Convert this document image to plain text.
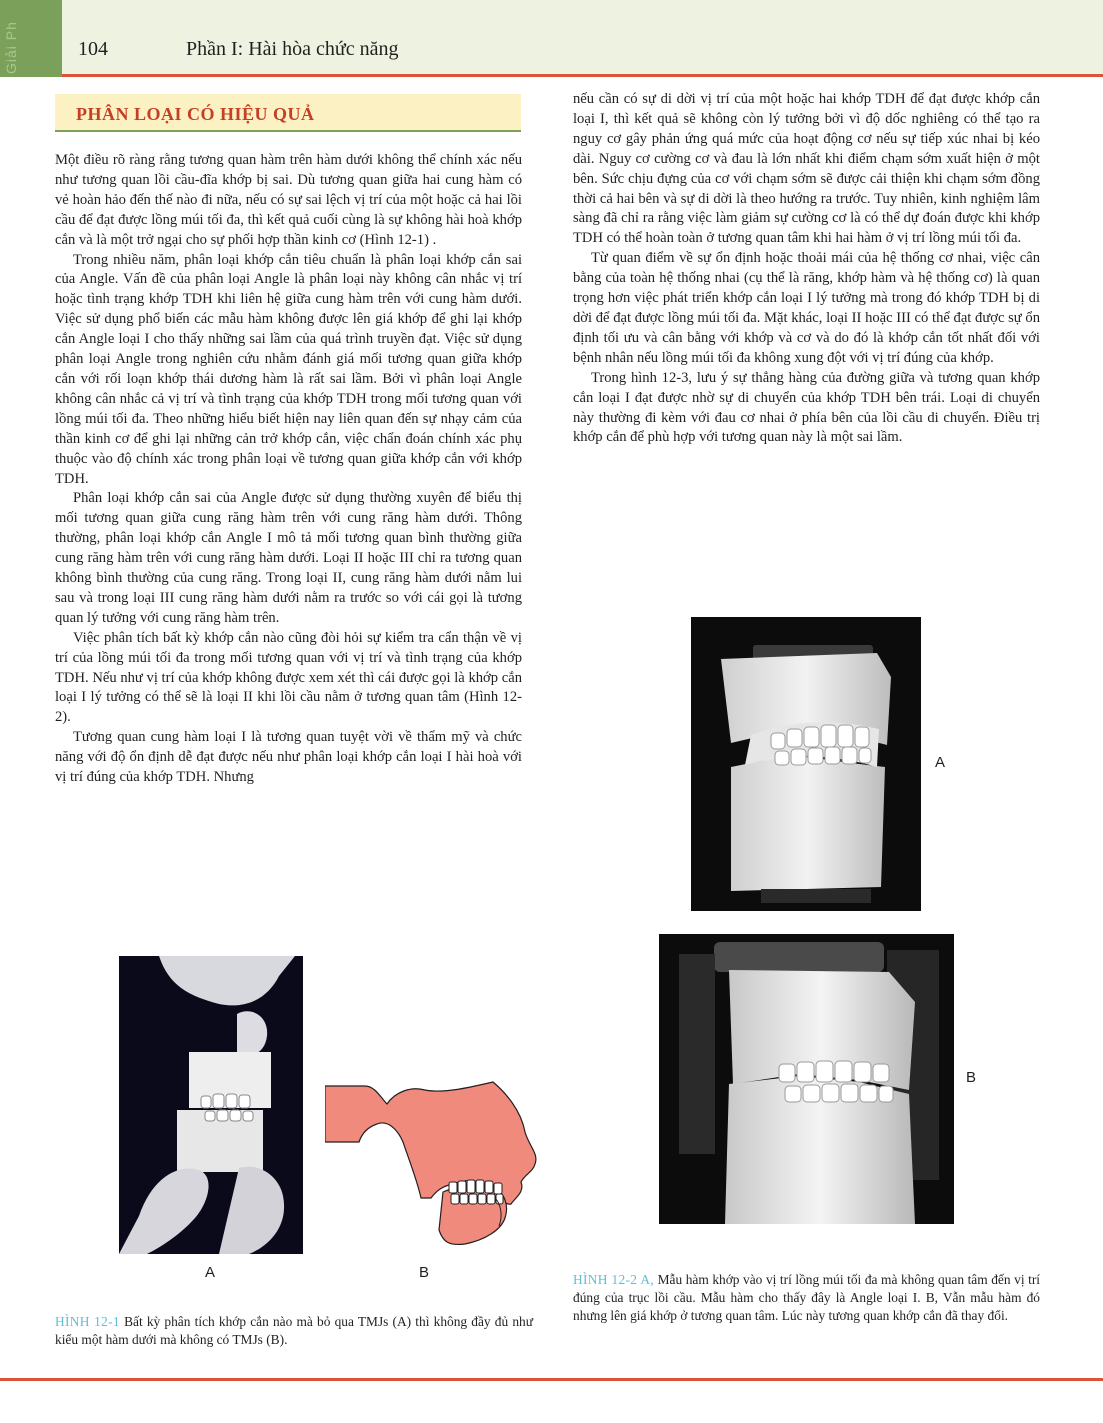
Giải Ph	104	Phần I: Hài hòa chức năng
PHÂN LOẠI CÓ HIỆU QUẢ

Một điều rõ ràng rằng tương quan hàm trên hàm dưới không thể chính xác nếu như tương quan lồi cầu-đĩa khớp bị sai. Dù tương quan giữa hai cung hàm có vẻ hoàn hảo đến thế nào đi nữa, nếu có sự sai lệch vị trí của một hoặc cả hai lồi cầu để đạt được lồng múi tối đa, thì kết quả cuối cùng là sự không hài hoà khớp cắn và là một trở ngại cho sự phối hợp thần kinh cơ (Hình 12-1) .

Trong nhiều năm, phân loại khớp cắn tiêu chuẩn là phân loại khớp cắn sai của Angle. Vấn đề của phân loại Angle là phân loại này không cân nhắc vị trí hoặc tình trạng khớp TDH khi liên hệ giữa cung hàm trên với cung hàm dưới. Việc sử dụng phổ biến các mẫu hàm không được lên giá khớp để ghi lại khớp cắn Angle loại I cho thấy những sai lầm của quá trình truyền đạt. Việc sử dụng phân loại Angle trong nghiên cứu nhằm đánh giá mối tương quan giữa khớp cắn với rối loạn khớp thái dương hàm là rất sai lầm. Bởi vì phân loại Angle không cân nhắc cả vị trí và tình trạng của khớp TDH trong mối tương quan với lồng múi tối đa. Theo những hiểu biết hiện nay liên quan đến sự nhạy cảm của thần kinh cơ để ghi lại những cản trở khớp cắn, việc chẩn đoán chính xác phụ thuộc vào độ chính xác trong phân loại về tương quan giữa khớp cắn với khớp TDH.

Phân loại khớp cắn sai của Angle được sử dụng thường xuyên để biểu thị mối tương quan giữa cung răng hàm trên với cung răng hàm dưới. Thông thường, phân loại khớp cắn Angle I mô tả mối tương quan bình thường giữa cung răng hàm trên với cung răng hàm dưới. Loại II hoặc III chỉ ra tương quan không bình thường của cung răng. Trong loại II, cung răng hàm dưới nằm lui sau và trong loại III cung răng hàm dưới nằm ra trước so với cái gọi là tương quan lý tưởng với cung răng hàm trên.

Việc phân tích bất kỳ khớp cắn nào cũng đòi hỏi sự kiểm tra cẩn thận về vị trí của lồng múi tối đa trong mối tương quan với vị trí và tình trạng của khớp TDH. Nếu như vị trí của khớp không được xem xét thì cái được gọi là khớp cắn loại I lý tưởng có thể sẽ là loại II khi lồi cầu nằm ở tương quan tâm (Hình 12-2).

Tương quan cung hàm loại I là tương quan tuyệt vời về thẩm mỹ và chức năng với độ ổn định dễ đạt được nếu như phân loại khớp cắn loại I hài hoà với vị trí đúng của khớp TDH. Nhưng

nếu cần có sự di dời vị trí của một hoặc hai khớp TDH để đạt được khớp cắn loại I, thì kết quả sẽ không còn lý tưởng bởi vì độ dốc nghiêng có thể tạo ra nguy cơ gây phản ứng quá mức của hoạt động cơ nếu sự tiếp xúc nhai bị kéo dài. Nguy cơ cường cơ và đau là lớn nhất khi điểm chạm sớm xuất hiện ở một bên. Sức chịu đựng của cơ với chạm sớm sẽ được cải thiện khi chạm sớm đồng thời cả hai bên và sự di dời là theo hướng ra trước. Tuy nhiên, kinh nghiệm lâm sàng đã chỉ ra rằng việc làm giảm sự cường cơ là có thể dự đoán được khi khớp TDH có thể hoàn toàn ở tương quan tâm khi hai hàm ở vị trí lồng múi tối đa.

Từ quan điểm về sự ổn định hoặc thoải mái của hệ thống cơ nhai, việc cân bằng của toàn hệ thống nhai (cụ thể là răng, khớp hàm và hệ thống cơ) là quan trọng hơn việc phát triển khớp cắn loại I lý tưởng mà trong đó khớp TDH bị di dời để đạt được lồng múi tối đa. Mặt khác, loại II hoặc III có thể đạt được sự ổn định tối ưu và cân bằng với khớp và cơ và do đó là khớp cắn tốt nhất đối với bệnh nhân nếu lồng múi tối đa không xung đột với vị trí đúng của khớp.

Trong hình 12-3, lưu ý sự thẳng hàng của đường giữa và tương quan khớp cắn loại I đạt được nhờ sự di chuyển của khớp TDH bên trái. Loại di chuyển này thường đi kèm với đau cơ nhai ở phía bên của lồi cầu di chuyển. Điều trị khớp cắn để phù hợp với tương quan này là một sai lầm.

A
B
A	B
HÌNH 12-1 Bất kỳ phân tích khớp cắn nào mà bỏ qua TMJs (A) thì không đầy đủ như kiểu một hàm dưới mà không có TMJs (B).
HÌNH 12-2 A, Mẫu hàm khớp vào vị trí lồng múi tối đa mà không quan tâm đến vị trí đúng của trục lồi cầu. Mẫu hàm cho thấy đây là Angle loại I. B, Vẫn mẫu hàm đó nhưng lên giá khớp ở tương quan tâm. Lúc này tương quan khớp cắn đã thay đổi.
